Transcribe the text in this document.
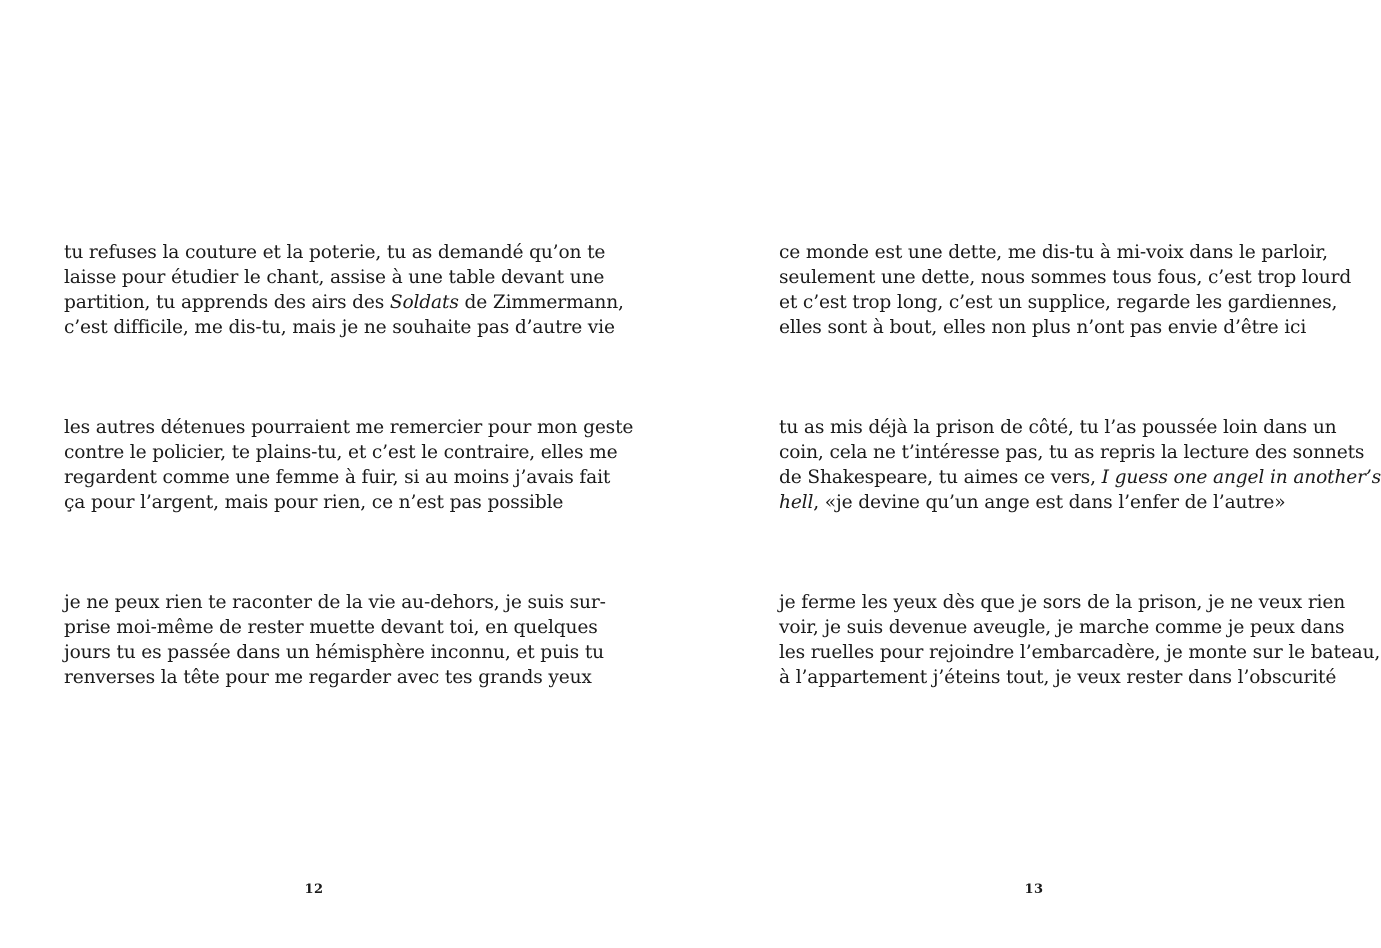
tu refuses la couture et la poterie, tu as demandé qu’on te
laisse pour étudier le chant, assise à une table devant une
partition, tu apprends des airs des Soldats de Zimmermann,
c’est difficile, me dis-tu, mais je ne souhaite pas d’autre vie

les autres détenues pourraient me remercier pour mon geste
contre le policier, te plains-tu, et c’est le contraire, elles me
regardent comme une femme à fuir, si au moins j’avais fait
ça pour l’argent, mais pour rien, ce n’est pas possible

je ne peux rien te raconter de la vie au-dehors, je suis sur-
prise moi-même de rester muette devant toi, en quelques
jours tu es passée dans un hémisphère inconnu, et puis tu
renverses la tête pour me regarder avec tes grands yeux

12

ce monde est une dette, me dis-tu à mi-voix dans le parloir,
seulement une dette, nous sommes tous fous, c’est trop lourd
et c’est trop long, c’est un supplice, regarde les gardiennes,
elles sont à bout, elles non plus n’ont pas envie d’être ici

tu as mis déjà la prison de côté, tu l’as poussée loin dans un
coin, cela ne t’intéresse pas, tu as repris la lecture des sonnets
de Shakespeare, tu aimes ce vers, I guess one angel in another’s
hell, «je devine qu’un ange est dans l’enfer de l’autre»

je ferme les yeux dès que je sors de la prison, je ne veux rien
voir, je suis devenue aveugle, je marche comme je peux dans
les ruelles pour rejoindre l’embarcadère, je monte sur le bateau,
à l’appartement j’éteins tout, je veux rester dans l’obscurité

13
